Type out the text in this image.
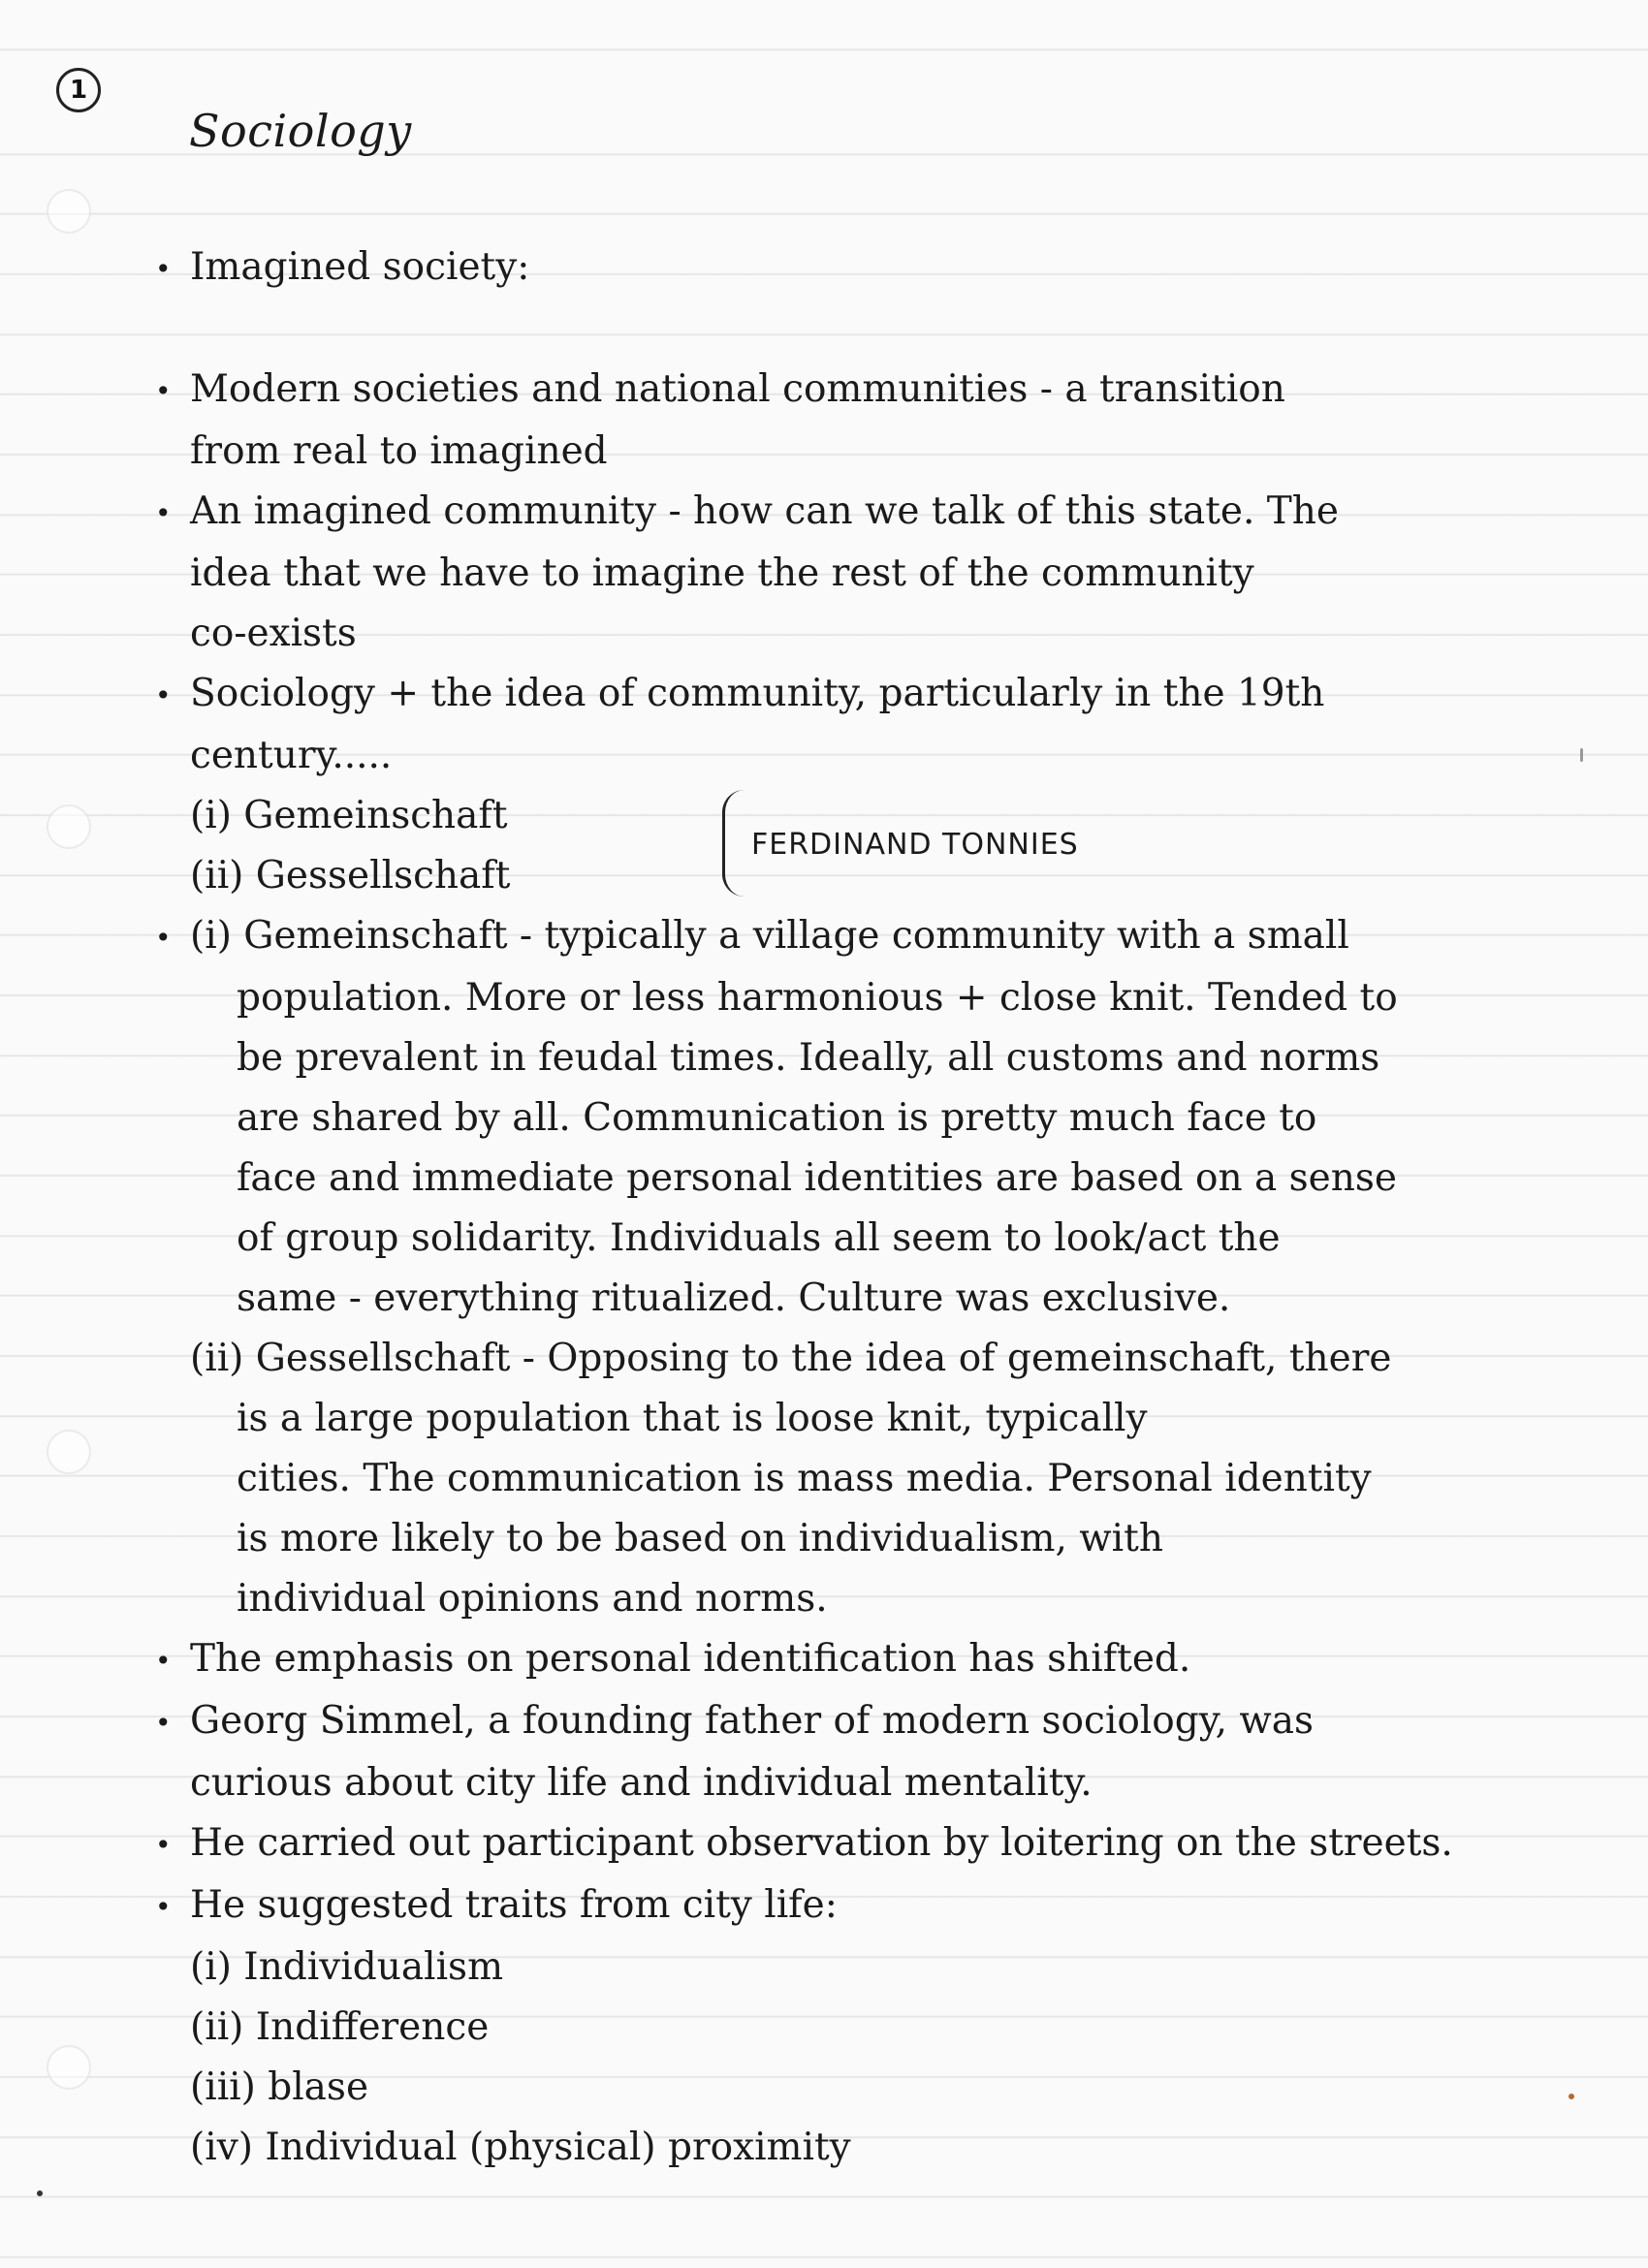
1
Sociology
• Imagined society:
• Modern societies and national communities - a transition
from real to imagined
• An imagined community - how can we talk of this state. The
idea that we have to imagine the rest of the community
co-exists
• Sociology + the idea of community, particularly in the 19th
century.....
(i) Gemeinschaft
(ii) Gessellschaft
FERDINAND TONNIES
• (i) Gemeinschaft - typically a village community with a small
population. More or less harmonious + close knit. Tended to
be prevalent in feudal times. Ideally, all customs and norms
are shared by all. Communication is pretty much face to
face and immediate personal identities are based on a sense
of group solidarity. Individuals all seem to look/act the
same - everything ritualized. Culture was exclusive.
(ii) Gessellschaft - Opposing to the idea of gemeinschaft, there
is a large population that is loose knit, typically
cities. The communication is mass media. Personal identity
is more likely to be based on individualism, with
individual opinions and norms.
• The emphasis on personal identification has shifted.
• Georg Simmel, a founding father of modern sociology, was
curious about city life and individual mentality.
• He carried out participant observation by loitering on the streets.
• He suggested traits from city life:
(i) Individualism
(ii) Indifference
(iii) blase
(iv) Individual (physical) proximity
